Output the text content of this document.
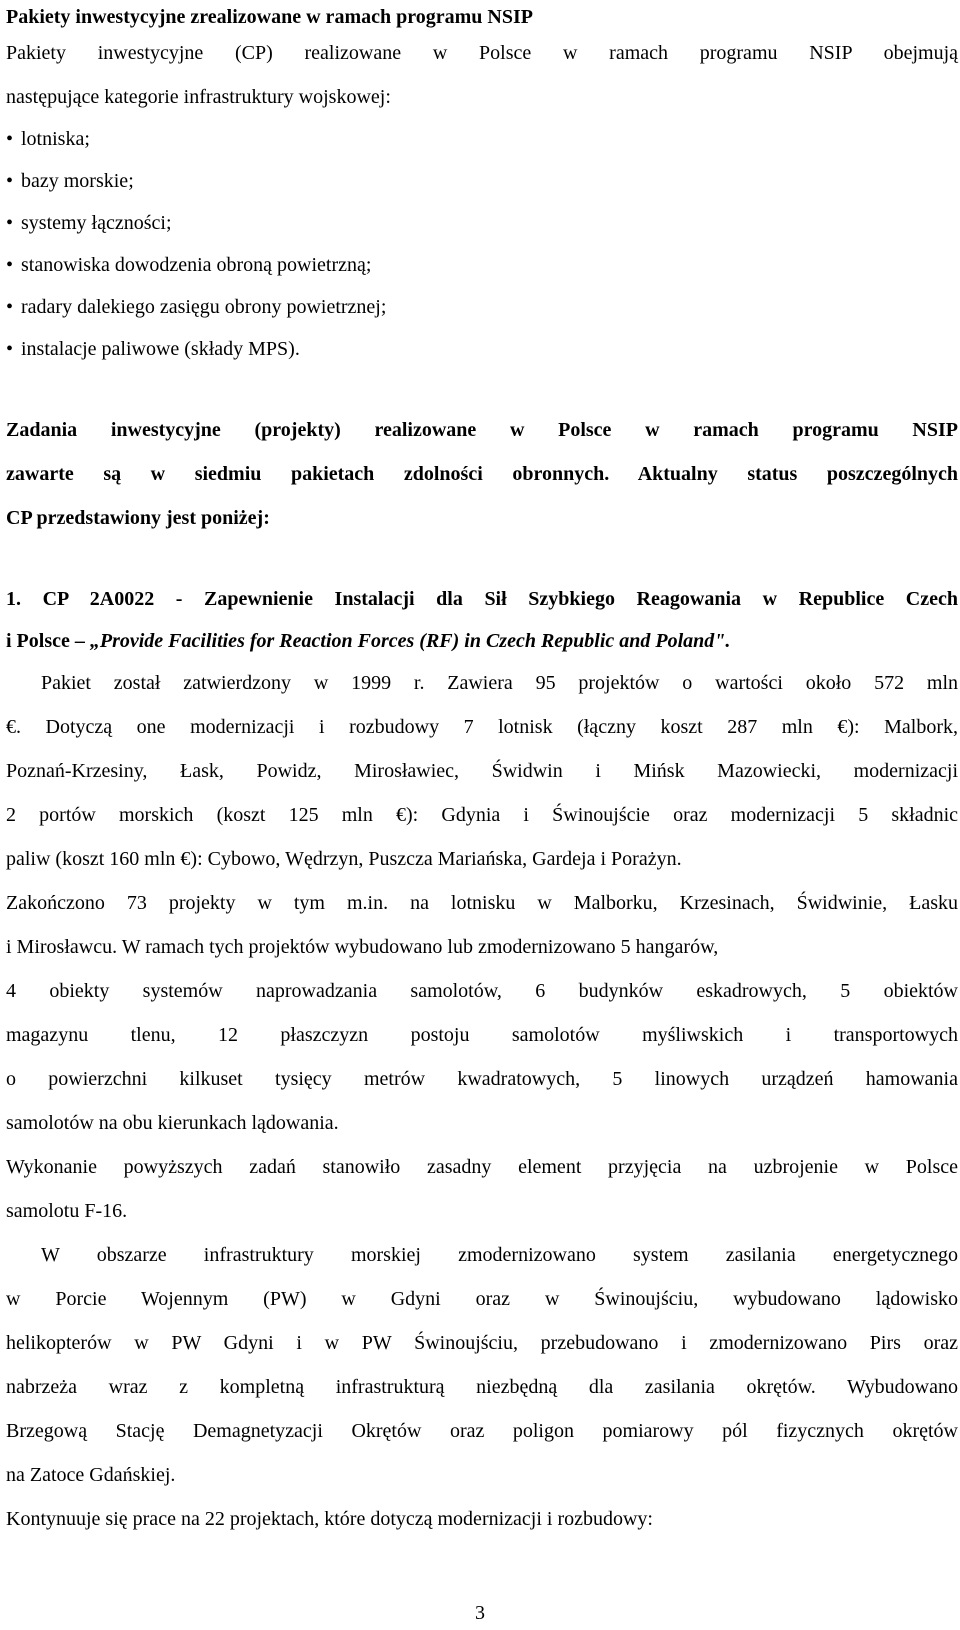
Pakiety inwestycyjne zrealizowane w ramach programu NSIP
Pakiety inwestycyjne (CP) realizowane w Polsce w ramach programu NSIP obejmują
następujące kategorie infrastruktury wojskowej:
• lotniska;
• bazy morskie;
• systemy łączności;
• stanowiska dowodzenia obroną powietrzną;
• radary dalekiego zasięgu obrony powietrznej;
• instalacje paliwowe (składy MPS).
Zadania inwestycyjne (projekty) realizowane w Polsce w ramach programu NSIP
zawarte są w siedmiu pakietach zdolności obronnych. Aktualny status poszczególnych
CP przedstawiony jest poniżej:
1. CP 2A0022 - Zapewnienie Instalacji dla Sił Szybkiego Reagowania w Republice Czech
i Polsce – „Provide Facilities for Reaction Forces (RF) in Czech Republic and Poland".
Pakiet został zatwierdzony w 1999 r. Zawiera 95 projektów o wartości około 572 mln
€. Dotyczą one modernizacji i rozbudowy 7 lotnisk (łączny koszt 287 mln €): Malbork,
Poznań-Krzesiny, Łask, Powidz, Mirosławiec, Świdwin i Mińsk Mazowiecki, modernizacji
2 portów morskich (koszt 125 mln €): Gdynia i Świnoujście oraz modernizacji 5 składnic
paliw (koszt 160 mln €): Cybowo, Wędrzyn, Puszcza Mariańska, Gardeja i Porażyn.
Zakończono 73 projekty w tym m.in. na lotnisku w Malborku, Krzesinach, Świdwinie, Łasku
i Mirosławcu. W ramach tych projektów wybudowano lub zmodernizowano 5 hangarów,
4 obiekty systemów naprowadzania samolotów, 6 budynków eskadrowych, 5 obiektów
magazynu tlenu, 12 płaszczyzn postoju samolotów myśliwskich i transportowych
o powierzchni kilkuset tysięcy metrów kwadratowych, 5 linowych urządzeń hamowania
samolotów na obu kierunkach lądowania.
Wykonanie powyższych zadań stanowiło zasadny element przyjęcia na uzbrojenie w Polsce
samolotu F-16.
W obszarze infrastruktury morskiej zmodernizowano system zasilania energetycznego
w Porcie Wojennym (PW) w Gdyni oraz w Świnoujściu, wybudowano lądowisko
helikopterów w PW Gdyni i w PW Świnoujściu, przebudowano i zmodernizowano Pirs oraz
nabrzeża wraz z kompletną infrastrukturą niezbędną dla zasilania okrętów. Wybudowano
Brzegową Stację Demagnetyzacji Okrętów oraz poligon pomiarowy pól fizycznych okrętów
na Zatoce Gdańskiej.
Kontynuuje się prace na 22 projektach, które dotyczą modernizacji i rozbudowy:
3
